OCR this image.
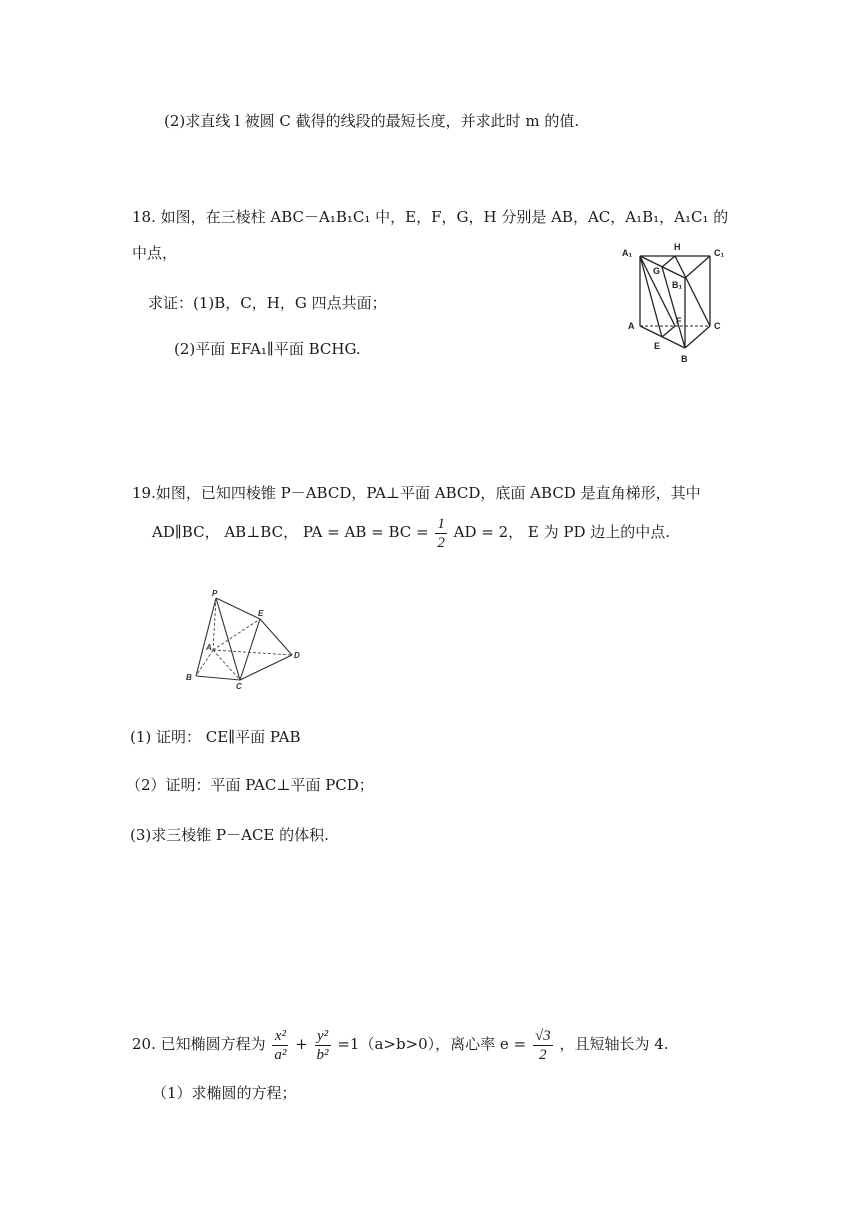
(2)求直线 l 被圆 C 截得的线段的最短长度，并求此时 m 的值.
18. 如图，在三棱柱 ABC－A₁B₁C₁ 中，E，F，G，H 分别是 AB，AC，A₁B₁，A₁C₁ 的
中点，
求证：(1)B，C，H，G 四点共面；
(2)平面 EFA₁∥平面 BCHG.
A₁
H
C₁
G
B₁
A	F	C
E
B
19.如图，已知四棱锥 P－ABCD，PA⊥平面 ABCD，底面 ABCD 是直角梯形，其中
AD∥BC， AB⊥BC， PA = AB = BC = $\frac{1}{2}$ AD = 2， E 为 PD 边上的中点.
P
E
A
D
B
C
(1) 证明： CE∥平面 PAB
（2）证明：平面 PAC⊥平面 PCD；
(3)求三棱锥 P－ACE 的体积.
20. 已知椭圆方程为 $\frac{\text{x²}}{\text{a²}} + \frac{\text{y²}}{\text{b²}} =1(a>b>0)$，离心率 $e = \frac{√3}{2}$ ，且短轴长为 4.
（1）求椭圆的方程；
